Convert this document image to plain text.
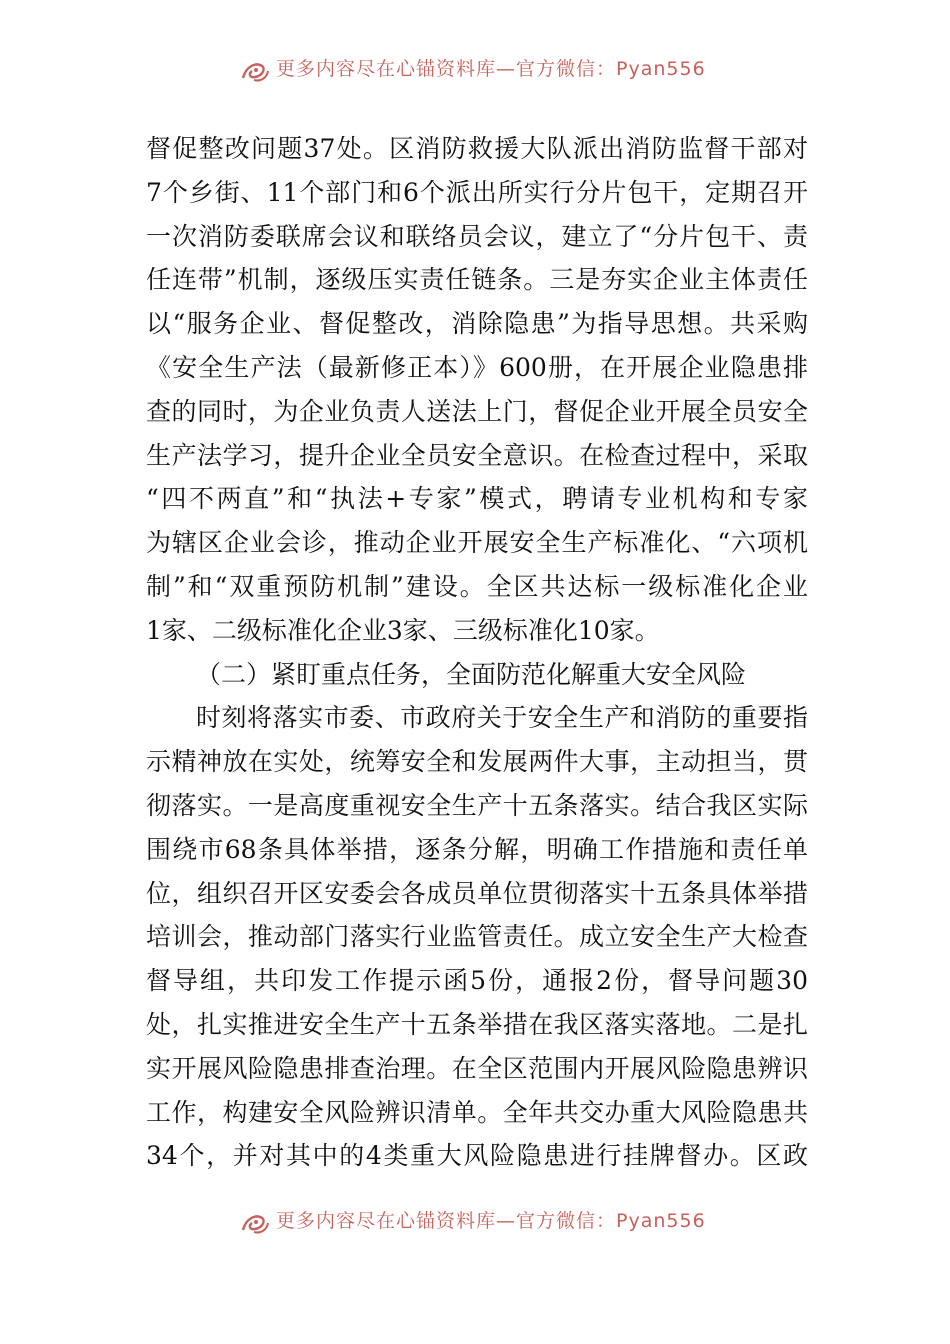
更多内容尽在心锚资料库—官方微信：Pyan556
督促整改问题37处。区消防救援大队派出消防监督干部对
7个乡街、11个部门和6个派出所实行分片包干，定期召开
一次消防委联席会议和联络员会议，建立了“分片包干、责
任连带”机制，逐级压实责任链条。三是夯实企业主体责任
以“服务企业、督促整改，消除隐患”为指导思想。共采购
《安全生产法（最新修正本）》600册，在开展企业隐患排
查的同时，为企业负责人送法上门，督促企业开展全员安全
生产法学习，提升企业全员安全意识。在检查过程中，采取
“四不两直”和“执法+专家”模式，聘请专业机构和专家
为辖区企业会诊，推动企业开展安全生产标准化、“六项机
制”和“双重预防机制”建设。全区共达标一级标准化企业
1家、二级标准化企业3家、三级标准化10家。
（二）紧盯重点任务，全面防范化解重大安全风险
时刻将落实市委、市政府关于安全生产和消防的重要指
示精神放在实处，统筹安全和发展两件大事，主动担当，贯
彻落实。一是高度重视安全生产十五条落实。结合我区实际
围绕市68条具体举措，逐条分解，明确工作措施和责任单
位，组织召开区安委会各成员单位贯彻落实十五条具体举措
培训会，推动部门落实行业监管责任。成立安全生产大检查
督导组，共印发工作提示函5份，通报2份，督导问题30
处，扎实推进安全生产十五条举措在我区落实落地。二是扎
实开展风险隐患排查治理。在全区范围内开展风险隐患辨识
工作，构建安全风险辨识清单。全年共交办重大风险隐患共
34个，并对其中的4类重大风险隐患进行挂牌督办。区政
更多内容尽在心锚资料库—官方微信：Pyan556
